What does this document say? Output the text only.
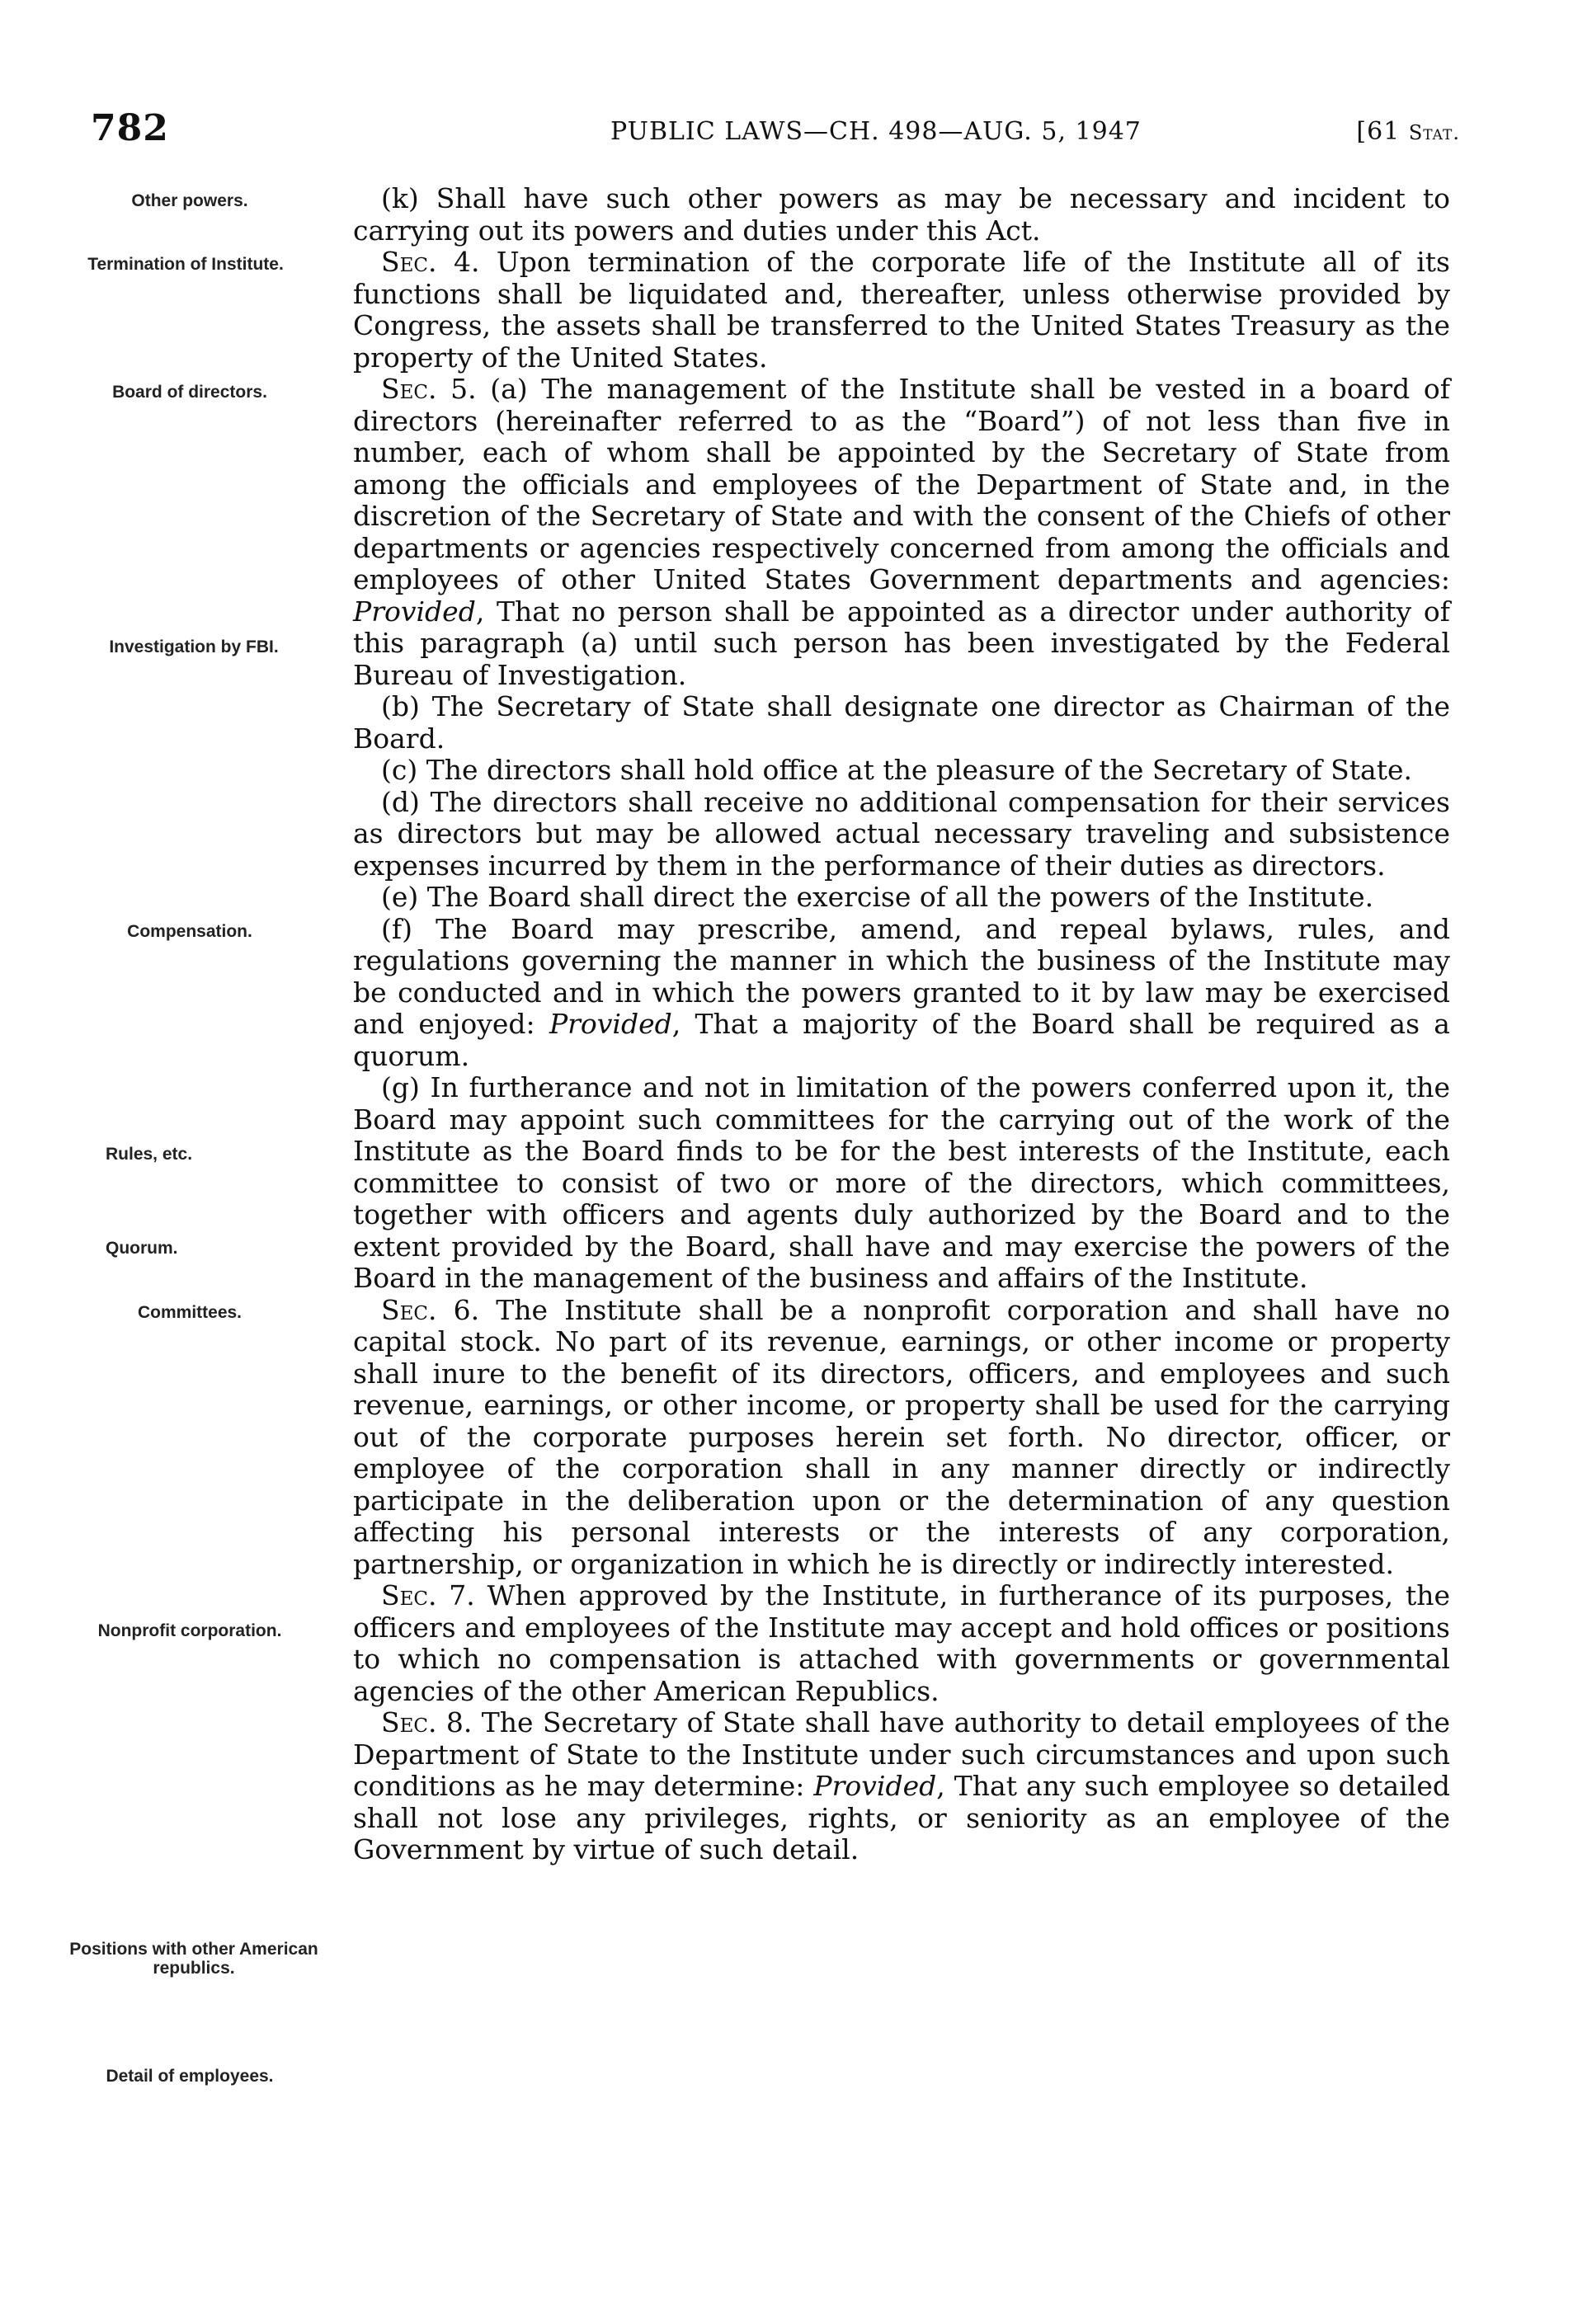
782	PUBLIC LAWS—CH. 498—AUG. 5, 1947	[61 Stat.
Other powers.
Termination of Institute.
Board of directors.
Investigation by FBI.
Compensation.
Rules, etc.
Quorum.
Committees.
Nonprofit corporation.
Positions with other American republics.
Detail of employees.

(k) Shall have such other powers as may be necessary and incident to carrying out its powers and duties under this Act.

Sec. 4. Upon termination of the corporate life of the Institute all of its functions shall be liquidated and, thereafter, unless otherwise provided by Congress, the assets shall be transferred to the United States Treasury as the property of the United States.

Sec. 5. (a) The management of the Institute shall be vested in a board of directors (hereinafter referred to as the “Board”) of not less than five in number, each of whom shall be appointed by the Secretary of State from among the officials and employees of the Department of State and, in the discretion of the Secretary of State and with the consent of the Chiefs of other departments or agencies respectively concerned from among the officials and employees of other United States Government departments and agencies: Provided, That no person shall be appointed as a director under authority of this paragraph (a) until such person has been investigated by the Federal Bureau of Investigation.

(b) The Secretary of State shall designate one director as Chairman of the Board.

(c) The directors shall hold office at the pleasure of the Secretary of State.

(d) The directors shall receive no additional compensation for their services as directors but may be allowed actual necessary traveling and subsistence expenses incurred by them in the performance of their duties as directors.

(e) The Board shall direct the exercise of all the powers of the Institute.

(f) The Board may prescribe, amend, and repeal bylaws, rules, and regulations governing the manner in which the business of the Institute may be conducted and in which the powers granted to it by law may be exercised and enjoyed: Provided, That a majority of the Board shall be required as a quorum.

(g) In furtherance and not in limitation of the powers conferred upon it, the Board may appoint such committees for the carrying out of the work of the Institute as the Board finds to be for the best interests of the Institute, each committee to consist of two or more of the directors, which committees, together with officers and agents duly authorized by the Board and to the extent provided by the Board, shall have and may exercise the powers of the Board in the management of the business and affairs of the Institute.

Sec. 6. The Institute shall be a nonprofit corporation and shall have no capital stock. No part of its revenue, earnings, or other income or property shall inure to the benefit of its directors, officers, and employees and such revenue, earnings, or other income, or property shall be used for the carrying out of the corporate purposes herein set forth. No director, officer, or employee of the corporation shall in any manner directly or indirectly participate in the deliberation upon or the determination of any question affecting his personal interests or the interests of any corporation, partnership, or organization in which he is directly or indirectly interested.

Sec. 7. When approved by the Institute, in furtherance of its purposes, the officers and employees of the Institute may accept and hold offices or positions to which no compensation is attached with governments or governmental agencies of the other American Republics.

Sec. 8. The Secretary of State shall have authority to detail employees of the Department of State to the Institute under such circumstances and upon such conditions as he may determine: Provided, That any such employee so detailed shall not lose any privileges, rights, or seniority as an employee of the Government by virtue of such detail.
